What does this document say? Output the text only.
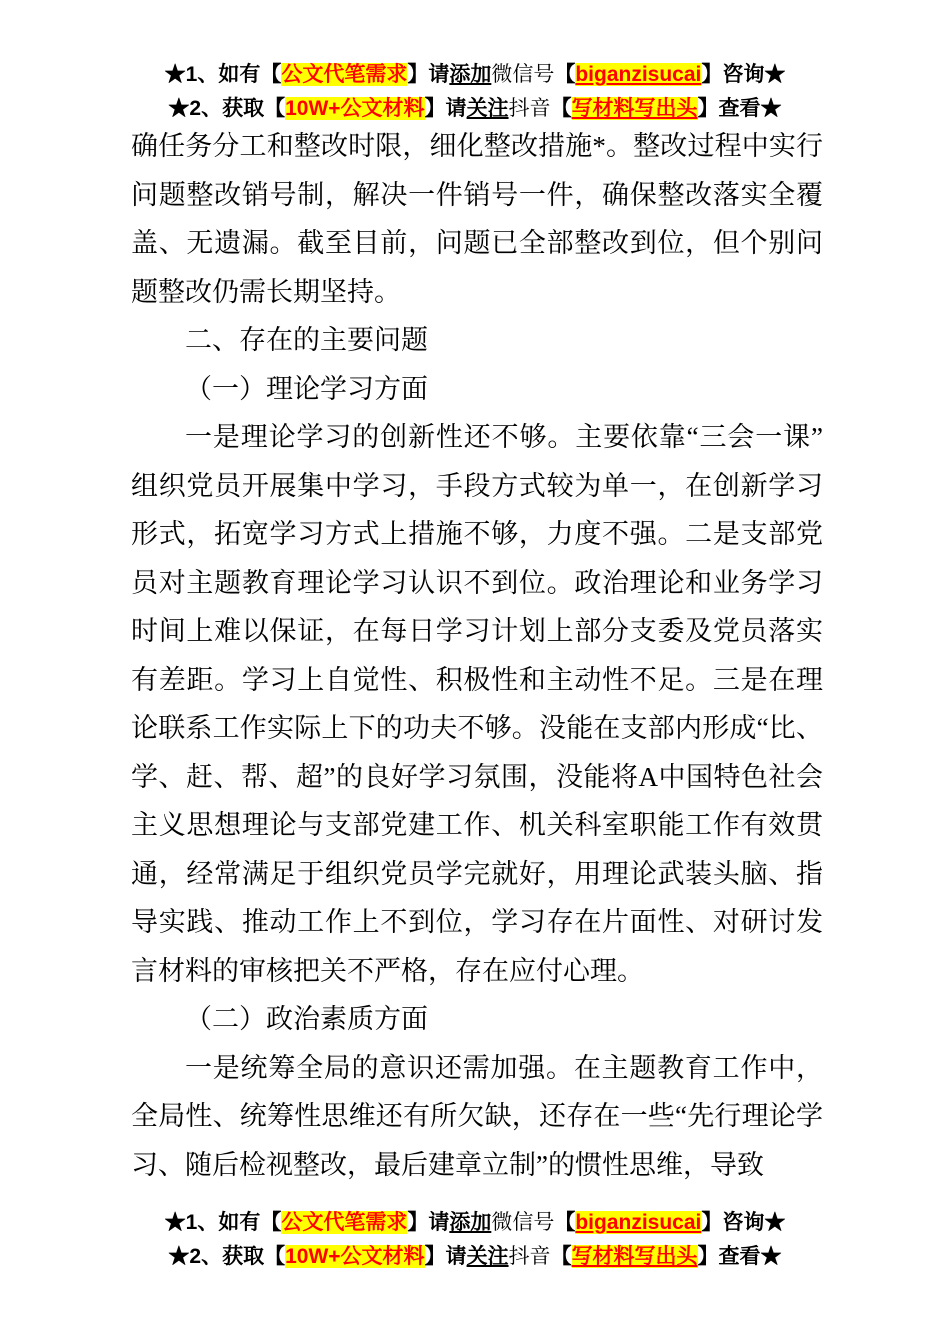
★1、如有【公文代笔需求】请添加微信号【biganzisucai】咨询★
★2、获取【10W+公文材料】请关注抖音【写材料写出头】查看★

确任务分工和整改时限，细化整改措施*。整改过程中实行问题整改销号制，解决一件销号一件，确保整改落实全覆盖、无遗漏。截至目前，问题已全部整改到位，但个别问题整改仍需长期坚持。

二、存在的主要问题

（一）理论学习方面

一是理论学习的创新性还不够。主要依靠“三会一课”组织党员开展集中学习，手段方式较为单一，在创新学习形式，拓宽学习方式上措施不够，力度不强。二是支部党员对主题教育理论学习认识不到位。政治理论和业务学习时间上难以保证，在每日学习计划上部分支委及党员落实有差距。学习上自觉性、积极性和主动性不足。三是在理论联系工作实际上下的功夫不够。没能在支部内形成“比、学、赶、帮、超”的良好学习氛围，没能将A中国特色社会主义思想理论与支部党建工作、机关科室职能工作有效贯通，经常满足于组织党员学完就好，用理论武装头脑、指导实践、推动工作上不到位，学习存在片面性、对研讨发言材料的审核把关不严格，存在应付心理。

（二）政治素质方面

一是统筹全局的意识还需加强。在主题教育工作中，全局性、统筹性思维还有所欠缺，还存在一些“先行理论学习、随后检视整改，最后建章立制”的惯性思维，导致

★1、如有【公文代笔需求】请添加微信号【biganzisucai】咨询★
★2、获取【10W+公文材料】请关注抖音【写材料写出头】查看★
